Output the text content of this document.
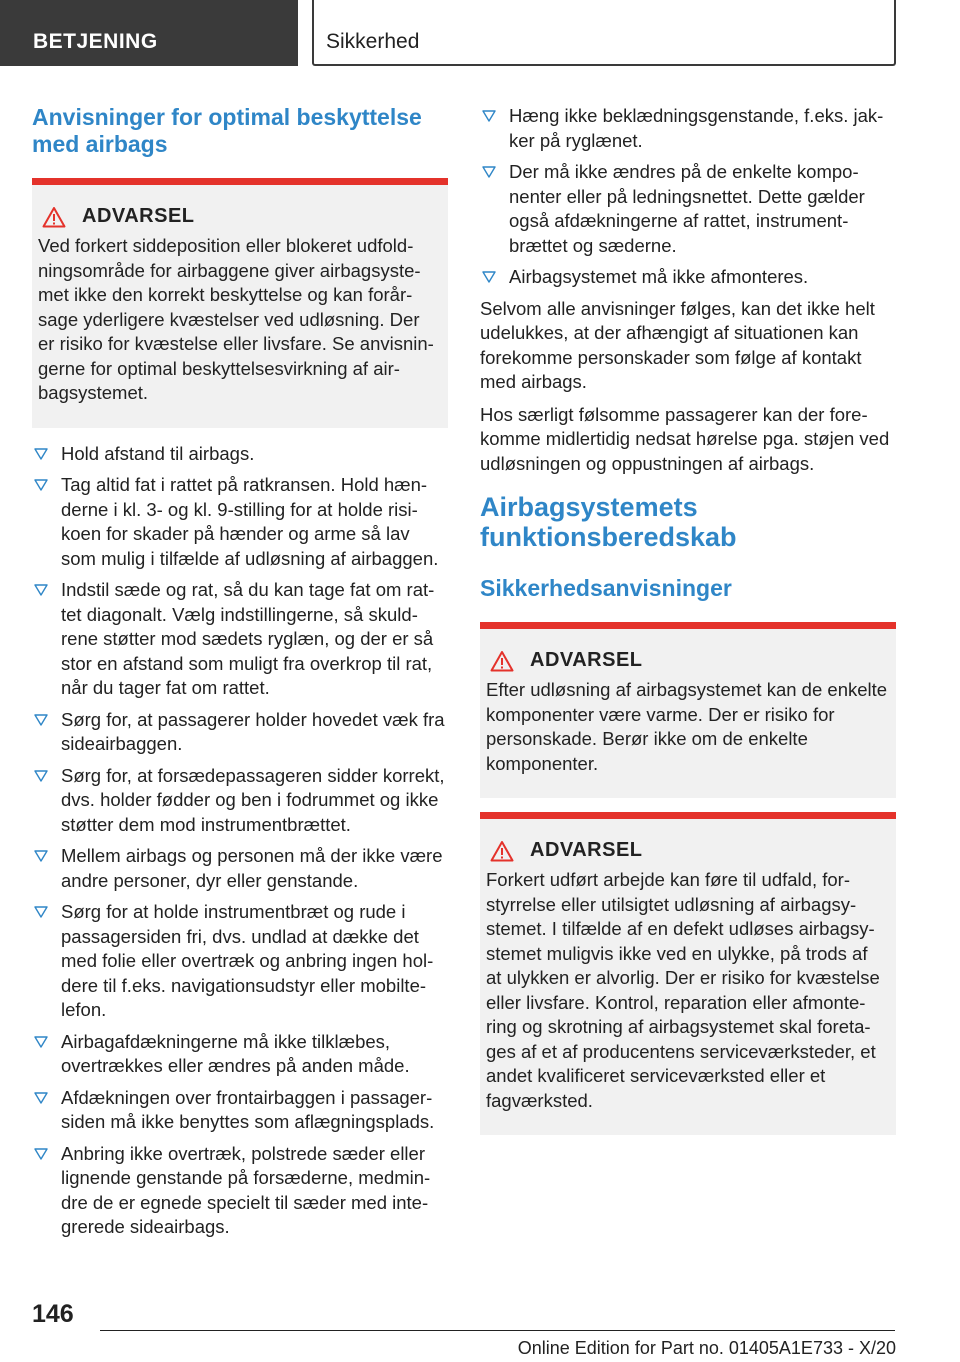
BETJENING	Sikkerhed
Anvisninger for optimal beskyttelse med airbags
ADVARSEL
Ved forkert siddeposition eller blokeret udfoldningsområde for airbaggene giver airbagsystemet ikke den korrekt beskyttelse og kan forårsage yderligere kvæstelser ved udløsning. Der er risiko for kvæstelse eller livsfare. Se anvisningerne for optimal beskyttelsesvirkning af airbagsystemet.
Hold afstand til airbags.
Tag altid fat i rattet på ratkransen. Hold hænderne i kl. 3- og kl. 9-stilling for at holde risikoen for skader på hænder og arme så lav som mulig i tilfælde af udløsning af airbaggen.
Indstil sæde og rat, så du kan tage fat om rattet diagonalt. Vælg indstillingerne, så skuldrene støtter mod sædets ryglæn, og der er så stor en afstand som muligt fra overkrop til rat, når du tager fat om rattet.
Sørg for, at passagerer holder hovedet væk fra sideairbaggen.
Sørg for, at forsædepassageren sidder korrekt, dvs. holder fødder og ben i fodrummet og ikke støtter dem mod instrumentbrættet.
Mellem airbags og personen må der ikke være andre personer, dyr eller genstande.
Sørg for at holde instrumentbræt og rude i passagersiden fri, dvs. undlad at dække det med folie eller overtræk og anbring ingen holdere til f.eks. navigationsudstyr eller mobiltelefon.
Airbagafdækningerne må ikke tilklæbes, overtrækkes eller ændres på anden måde.
Afdækningen over frontairbaggen i passagersiden må ikke benyttes som aflægningsplads.
Anbring ikke overtræk, polstrede sæder eller lignende genstande på forsæderne, medmindre de er egnede specielt til sæder med integrerede sideairbags.
Hæng ikke beklædningsgenstande, f.eks. jakker på ryglænet.
Der må ikke ændres på de enkelte komponenter eller på ledningsnettet. Dette gælder også afdækningerne af rattet, instrumentbrættet og sæderne.
Airbagsystemet må ikke afmonteres.

Selvom alle anvisninger følges, kan det ikke helt udelukkes, at der afhængigt af situationen kan forekomme personskader som følge af kontakt med airbags.

Hos særligt følsomme passagerer kan der forekomme midlertidig nedsat hørelse pga. støjen ved udløsningen og oppustningen af airbags.

Airbagsystemets funktionsberedskab
Sikkerhedsanvisninger
ADVARSEL
Efter udløsning af airbagsystemet kan de enkelte komponenter være varme. Der er risiko for personskade. Berør ikke om de enkelte komponenter.
ADVARSEL
Forkert udført arbejde kan føre til udfald, forstyrrelse eller utilsigtet udløsning af airbagsystemet. I tilfælde af en defekt udløses airbagsystemet muligvis ikke ved en ulykke, på trods af at ulykken er alvorlig. Der er risiko for kvæstelse eller livsfare. Kontrol, reparation eller afmontering og skrotning af airbagsystemet skal foretages af et af producentens serviceværksteder, et andet kvalificeret serviceværksted eller et fagværksted.
146
Online Edition for Part no. 01405A1E733 - X/20
